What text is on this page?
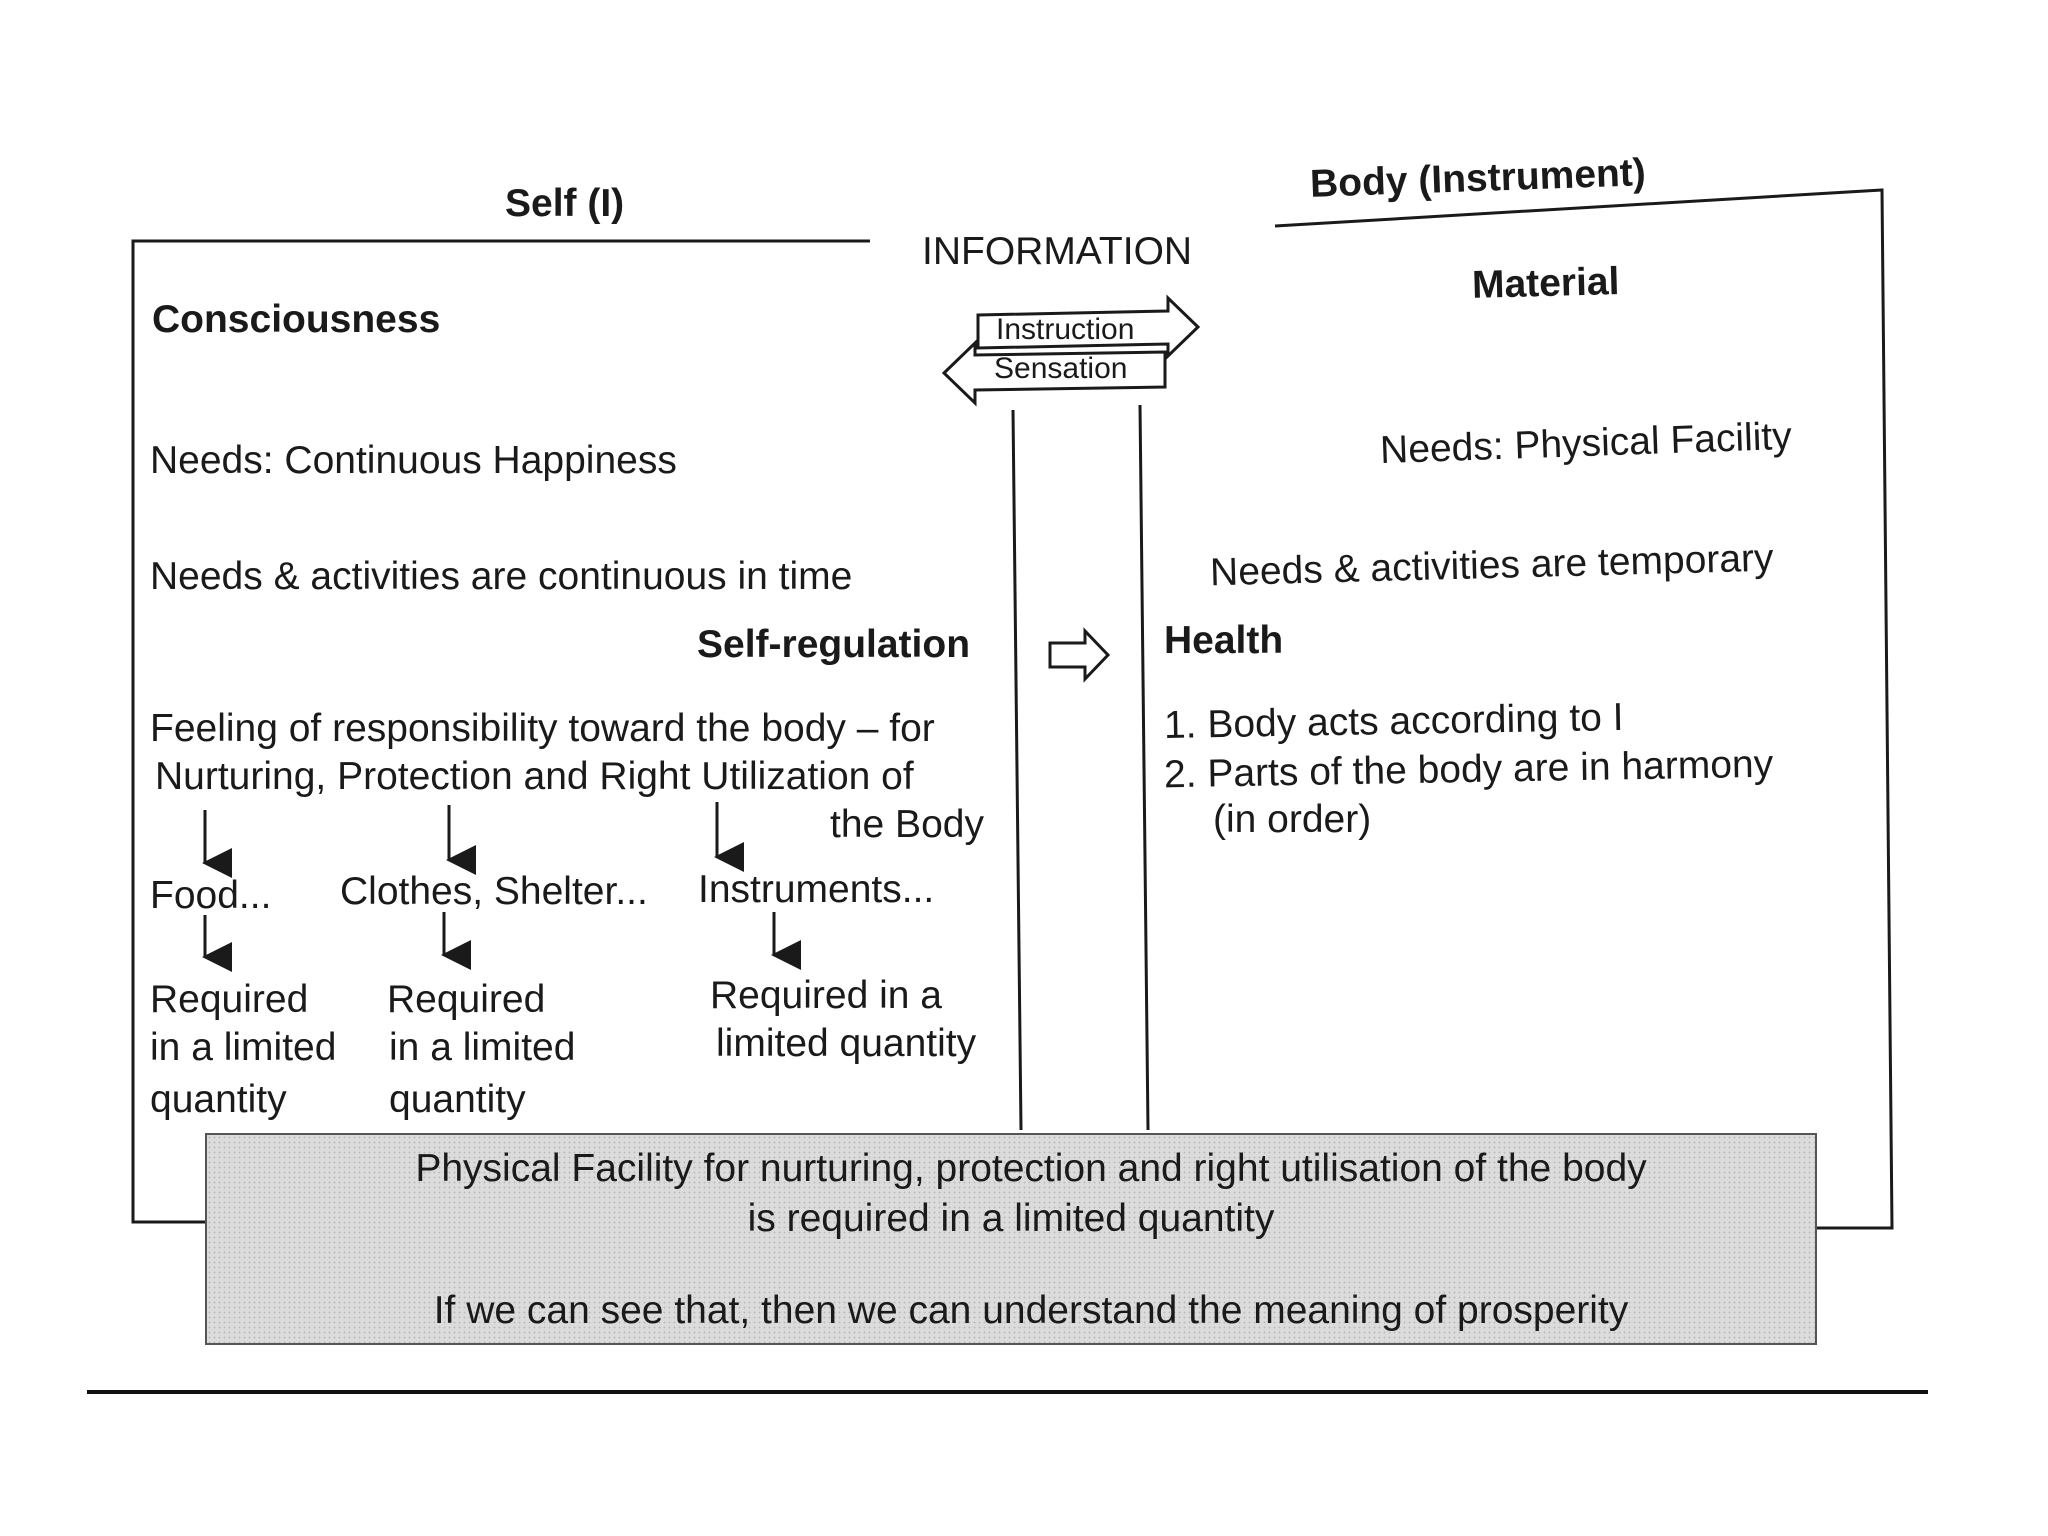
Self (I)	Body (Instrument)
INFORMATION
Instruction
Sensation
Consciousness
Needs: Continuous Happiness
Needs & activities are continuous in time
Self-regulation
Feeling of responsibility toward the body – for
Nurturing, Protection and Right Utilization of
the Body
Food... Clothes, Shelter... Instruments...
Required
in a limited
quantity
Required
in a limited
quantity
Required in a
limited quantity
Material
Needs: Physical Facility
Needs & activities are temporary
Health
1. Body acts according to I
2. Parts of the body are in harmony
(in order)
Physical Facility for nurturing, protection and right utilisation of the body
is required in a limited quantity
If we can see that, then we can understand the meaning of prosperity
